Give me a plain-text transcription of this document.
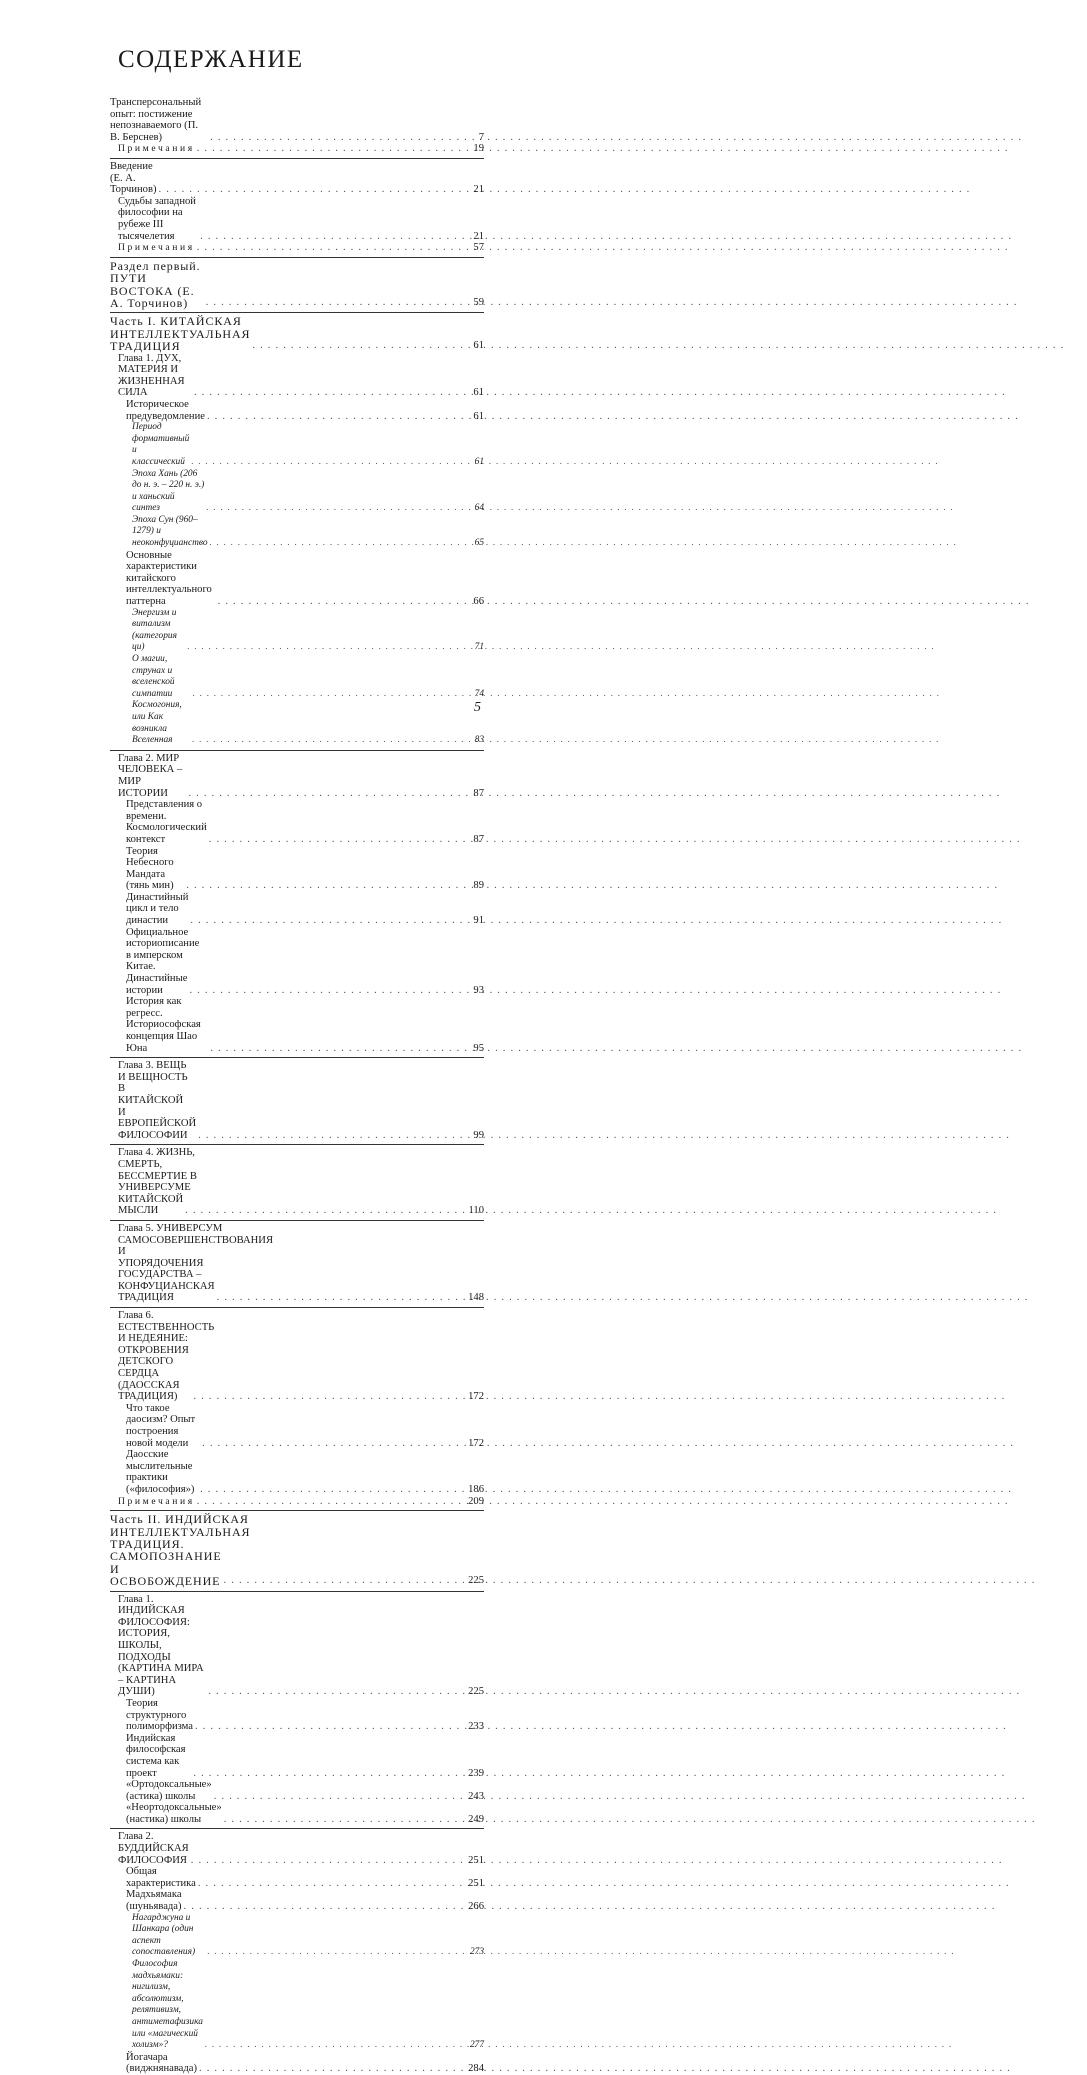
СОДЕРЖАНИЕ
Трансперсональный опыт: постижение непознаваемого (П. В. Берснев) . . .	7
Примечания . . .	19
Введение (Е. А. Торчинов) . . .	21
Судьбы западной философии на рубеже III тысячелетия . . .	21
Примечания . . .	57
Раздел первый. ПУТИ ВОСТОКА (Е. А. Торчинов) . . .	59
Часть I. КИТАЙСКАЯ ИНТЕЛЛЕКТУАЛЬНАЯ ТРАДИЦИЯ . . .	61
Глава 1. ДУХ, МАТЕРИЯ И ЖИЗНЕННАЯ СИЛА . . .	61
Историческое предуведомление . . .	61
Период формативный и классический . . .	61
Эпоха Хань (206 до н. э. – 220 н. э.) и ханьский синтез . . .	64
Эпоха Сун (960–1279) и неоконфуцианство . . .	65
Основные характеристики китайского интеллектуального паттерна . . .	66
Энергизм и витализм (категория ци) . . .	71
О магии, струнах и вселенской симпатии . . .	74
Космогония, или Как возникла Вселенная . . .	83
Глава 2. МИР ЧЕЛОВЕКА – МИР ИСТОРИИ . . .	87
Представления о времени. Космологический контекст . . .	87
Теория Небесного Мандата (тянь мин) . . .	89
Династийный цикл и тело династии . . .	91
Официальное историописание в имперском Китае.
Династийные истории . . .	93
История как регресс. Историософская концепция Шао Юна . . .	95
Глава 3. ВЕЩЬ И ВЕЩНОСТЬ В КИТАЙСКОЙ
И ЕВРОПЕЙСКОЙ ФИЛОСОФИИ . . .	99
Глава 4. ЖИЗНЬ, СМЕРТЬ, БЕССМЕРТИЕ В УНИВЕРСУМЕ
КИТАЙСКОЙ МЫСЛИ . . .	110
Глава 5. УНИВЕРСУМ САМОСОВЕРШЕНСТВОВАНИЯ
И УПОРЯДОЧЕНИЯ ГОСУДАРСТВА –
КОНФУЦИАНСКАЯ ТРАДИЦИЯ . . .	148
Глава 6. ЕСТЕСТВЕННОСТЬ И НЕДЕЯНИЕ: ОТКРОВЕНИЯ
ДЕТСКОГО СЕРДЦА (ДАОССКАЯ ТРАДИЦИЯ) . . .	172
Что такое даосизм? Опыт построения новой модели . . .	172
Даосские мыслительные практики («философия») . . .	186
Примечания . . .	209
Часть II. ИНДИЙСКАЯ ИНТЕЛЛЕКТУАЛЬНАЯ ТРАДИЦИЯ.
САМОПОЗНАНИЕ И ОСВОБОЖДЕНИЕ . . .	225
Глава 1. ИНДИЙСКАЯ ФИЛОСОФИЯ: ИСТОРИЯ,
ШКОЛЫ, ПОДХОДЫ (КАРТИНА МИРА – КАРТИНА ДУШИ) . . .	225
Теория структурного полиморфизма . . .	233
Индийская философская система как проект . . .	239
«Ортодоксальные» (астика) школы . . .	243
«Неортодоксальные» (настика) школы . . .	249
Глава 2. БУДДИЙСКАЯ ФИЛОСОФИЯ . . .	251
Общая характеристика . . .	251
Мадхьямака (шуньявада) . . .	266
Нагарджуна и Шанкара (один аспект сопоставления) . . .	273
Философия мадхьямаки: нигилизм, абсолютизм, релятивизм,
антиметафизика или «магический холизм»? . . .	277
Йогачара (виджнянавада) . . .	284
5
